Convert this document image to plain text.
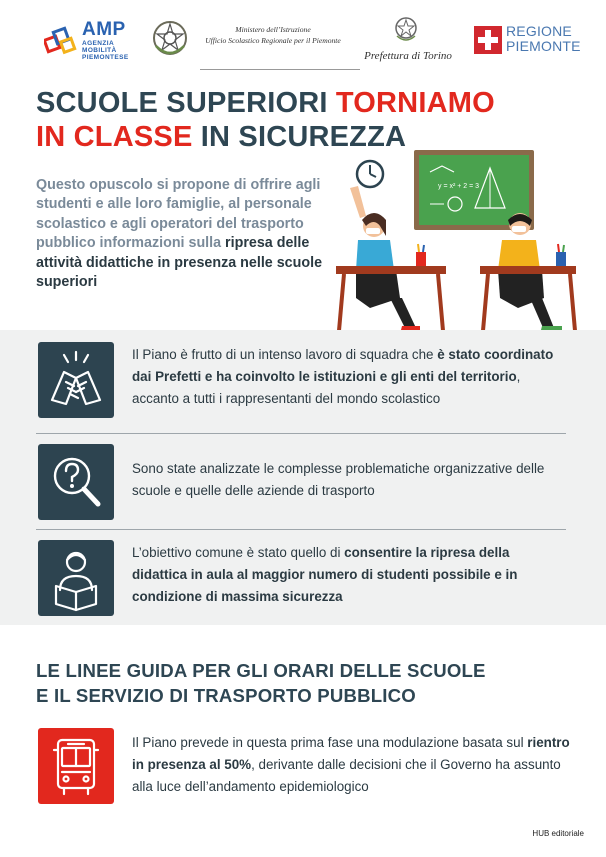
AMP
AGENZIA
MOBILITÀ
PIEMONTESE
Ministero dell’Istruzione
Ufficio Scolastico Regionale per il Piemonte
Prefettura di Torino
REGIONE
PIEMONTE
SCUOLE SUPERIORI TORNIAMO
IN CLASSE IN SICUREZZA
Questo opuscolo si propone di offrire agli studenti e alle loro famiglie, al personale scolastico e agli operatori del trasporto pubblico informazioni sulla ripresa delle attività didattiche in presenza nelle scuole superiori
y = x² + 2 = 3
Il Piano è frutto di un intenso lavoro di squadra che è stato coordinato dai Prefetti e ha coinvolto le istituzioni e gli enti del territorio, accanto a tutti i rappresentanti del mondo scolastico
Sono state analizzate le complesse problematiche organizzative delle scuole e quelle delle aziende di trasporto
L’obiettivo comune è stato quello di consentire la ripresa della didattica in aula al maggior numero di studenti possibile e in condizione di massima sicurezza
LE LINEE GUIDA PER GLI ORARI DELLE SCUOLE
E IL SERVIZIO DI TRASPORTO PUBBLICO
Il Piano prevede in questa prima fase una modulazione basata sul rientro in presenza al 50%, derivante dalle decisioni che il Governo ha assunto alla luce dell’andamento epidemiologico
HUB editoriale
